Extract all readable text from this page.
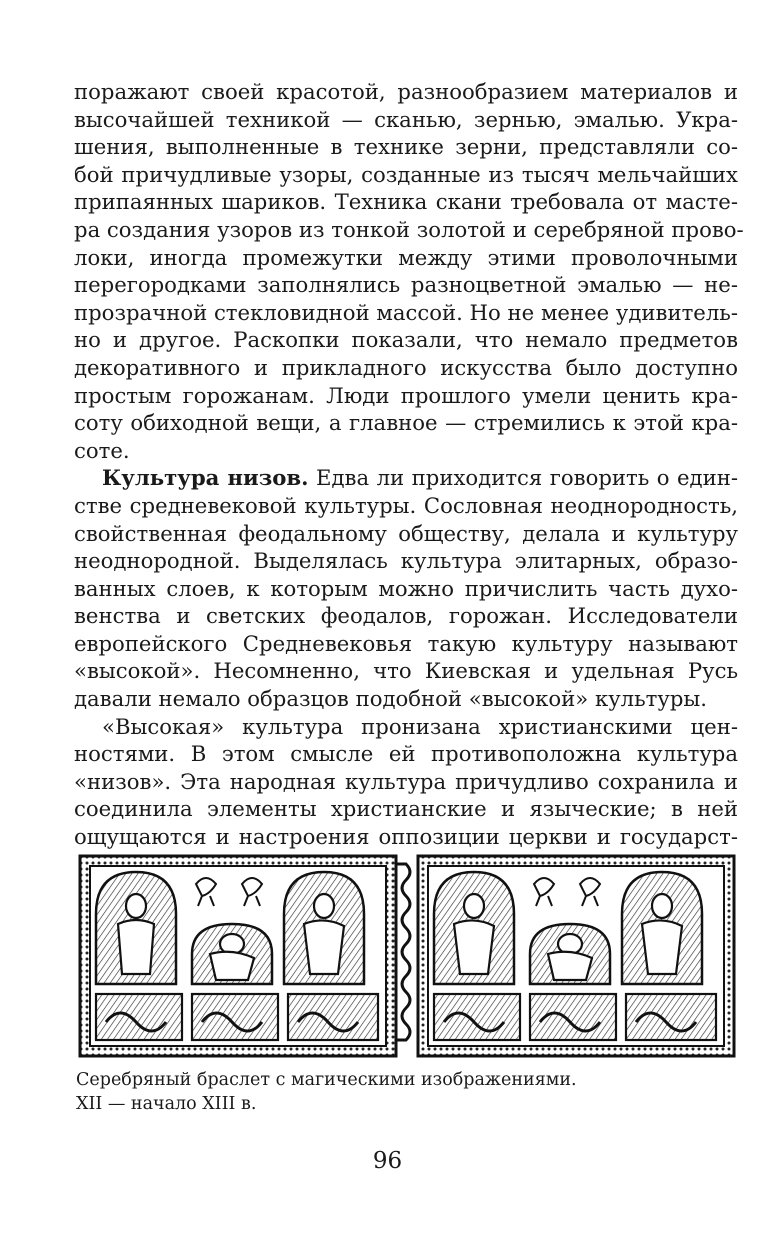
поражают своей красотой, разнообразием материалов и
высочайшей техникой — сканью, зернью, эмалью. Укра-
шения, выполненные в технике зерни, представляли со-
бой причудливые узоры, созданные из тысяч мельчайших
припаянных шариков. Техника скани требовала от масте-
ра создания узоров из тонкой золотой и серебряной прово-
локи, иногда промежутки между этими проволочными
перегородками заполнялись разноцветной эмалью — не-
прозрачной стекловидной массой. Но не менее удивитель-
но и другое. Раскопки показали, что немало предметов
декоративного и прикладного искусства было доступно
простым горожанам. Люди прошлого умели ценить кра-
соту обиходной вещи, а главное — стремились к этой кра-
соте.
Культура низов. Едва ли приходится говорить о един-
стве средневековой культуры. Сословная неоднородность,
свойственная феодальному обществу, делала и культуру
неоднородной. Выделялась культура элитарных, образо-
ванных слоев, к которым можно причислить часть духо-
венства и светских феодалов, горожан. Исследователи
европейского Средневековья такую культуру называют
«высокой». Несомненно, что Киевская и удельная Русь
давали немало образцов подобной «высокой» культуры.
«Высокая» культура пронизана христианскими цен-
ностями. В этом смысле ей противоположна культура
«низов». Эта народная культура причудливо сохранила и
соединила элементы христианские и языческие; в ней
ощущаются и настроения оппозиции церкви и государст-
Серебряный браслет с магическими изображениями.
XII — начало XIII в.
96
